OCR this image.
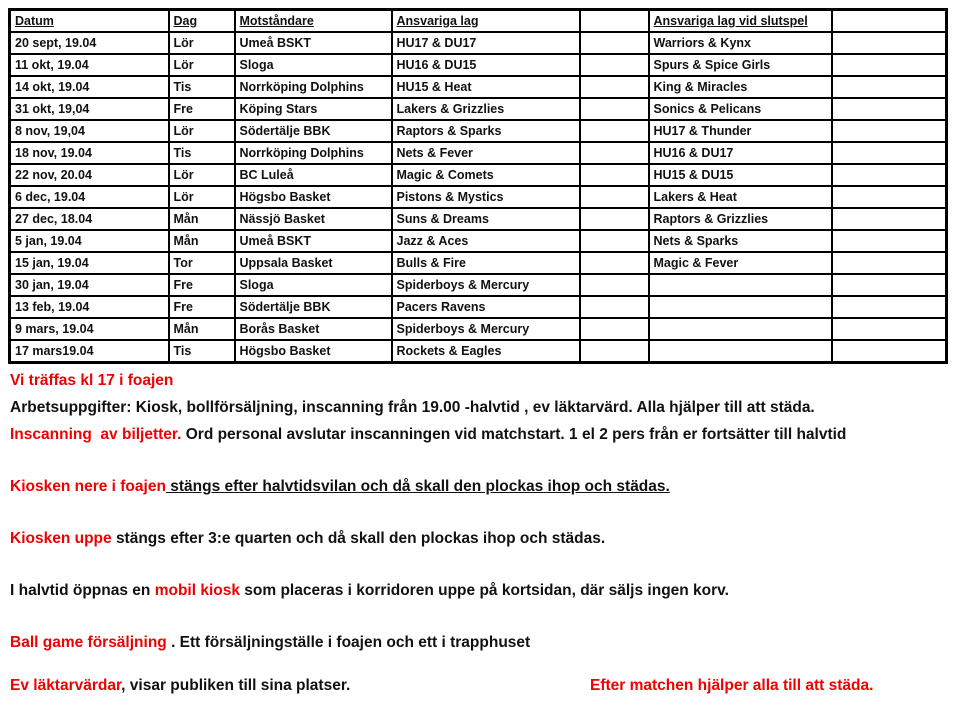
Datum	Dag	Motståndare	Ansvariga lag		Ansvariga lag vid slutspel	
20 sept, 19.04	Lör	Umeå BSKT	HU17 & DU17		Warriors & Kynx	
11 okt, 19.04	Lör	Sloga	HU16 & DU15		Spurs & Spice Girls	
14 okt, 19.04	Tis	Norrköping Dolphins	HU15 & Heat		King & Miracles	
31 okt, 19,04	Fre	Köping Stars	Lakers & Grizzlies		Sonics & Pelicans	
8 nov, 19,04	Lör	Södertälje BBK	Raptors & Sparks		HU17 & Thunder	
18 nov, 19.04	Tis	Norrköping Dolphins	Nets & Fever		HU16 & DU17	
22 nov, 20.04	Lör	BC Luleå	Magic & Comets		HU15 & DU15	
6 dec, 19.04	Lör	Högsbo Basket	Pistons & Mystics		Lakers & Heat	
27 dec, 18.04	Mån	Nässjö Basket	Suns & Dreams		Raptors & Grizzlies	
5 jan, 19.04	Mån	Umeå BSKT	Jazz & Aces		Nets & Sparks	
15 jan, 19.04	Tor	Uppsala Basket	Bulls & Fire		Magic & Fever	
30 jan, 19.04	Fre	Sloga	Spiderboys & Mercury			
13 feb, 19.04	Fre	Södertälje BBK	Pacers Ravens			
9 mars, 19.04	Mån	Borås Basket	Spiderboys & Mercury			
17 mars19.04	Tis	Högsbo Basket	Rockets & Eagles			

Vi träffas kl 17 i foajen

Arbetsuppgifter: Kiosk, bollförsäljning, inscanning från 19.00 -halvtid , ev läktarvärd. Alla hjälper till att städa.

Inscanning  av biljetter. Ord personal avslutar inscanningen vid matchstart. 1 el 2 pers från er fortsätter till halvtid

Kiosken nere i foajen stängs efter halvtidsvilan och då skall den plockas ihop och städas.

Kiosken uppe stängs efter 3:e quarten och då skall den plockas ihop och städas.

I halvtid öppnas en mobil kiosk som placeras i korridoren uppe på kortsidan, där säljs ingen korv.

Ball game försäljning . Ett försäljningställe i foajen och ett i trapphuset

Ev läktarvärdar, visar publiken till sina platser.	Efter matchen hjälper alla till att städa.
